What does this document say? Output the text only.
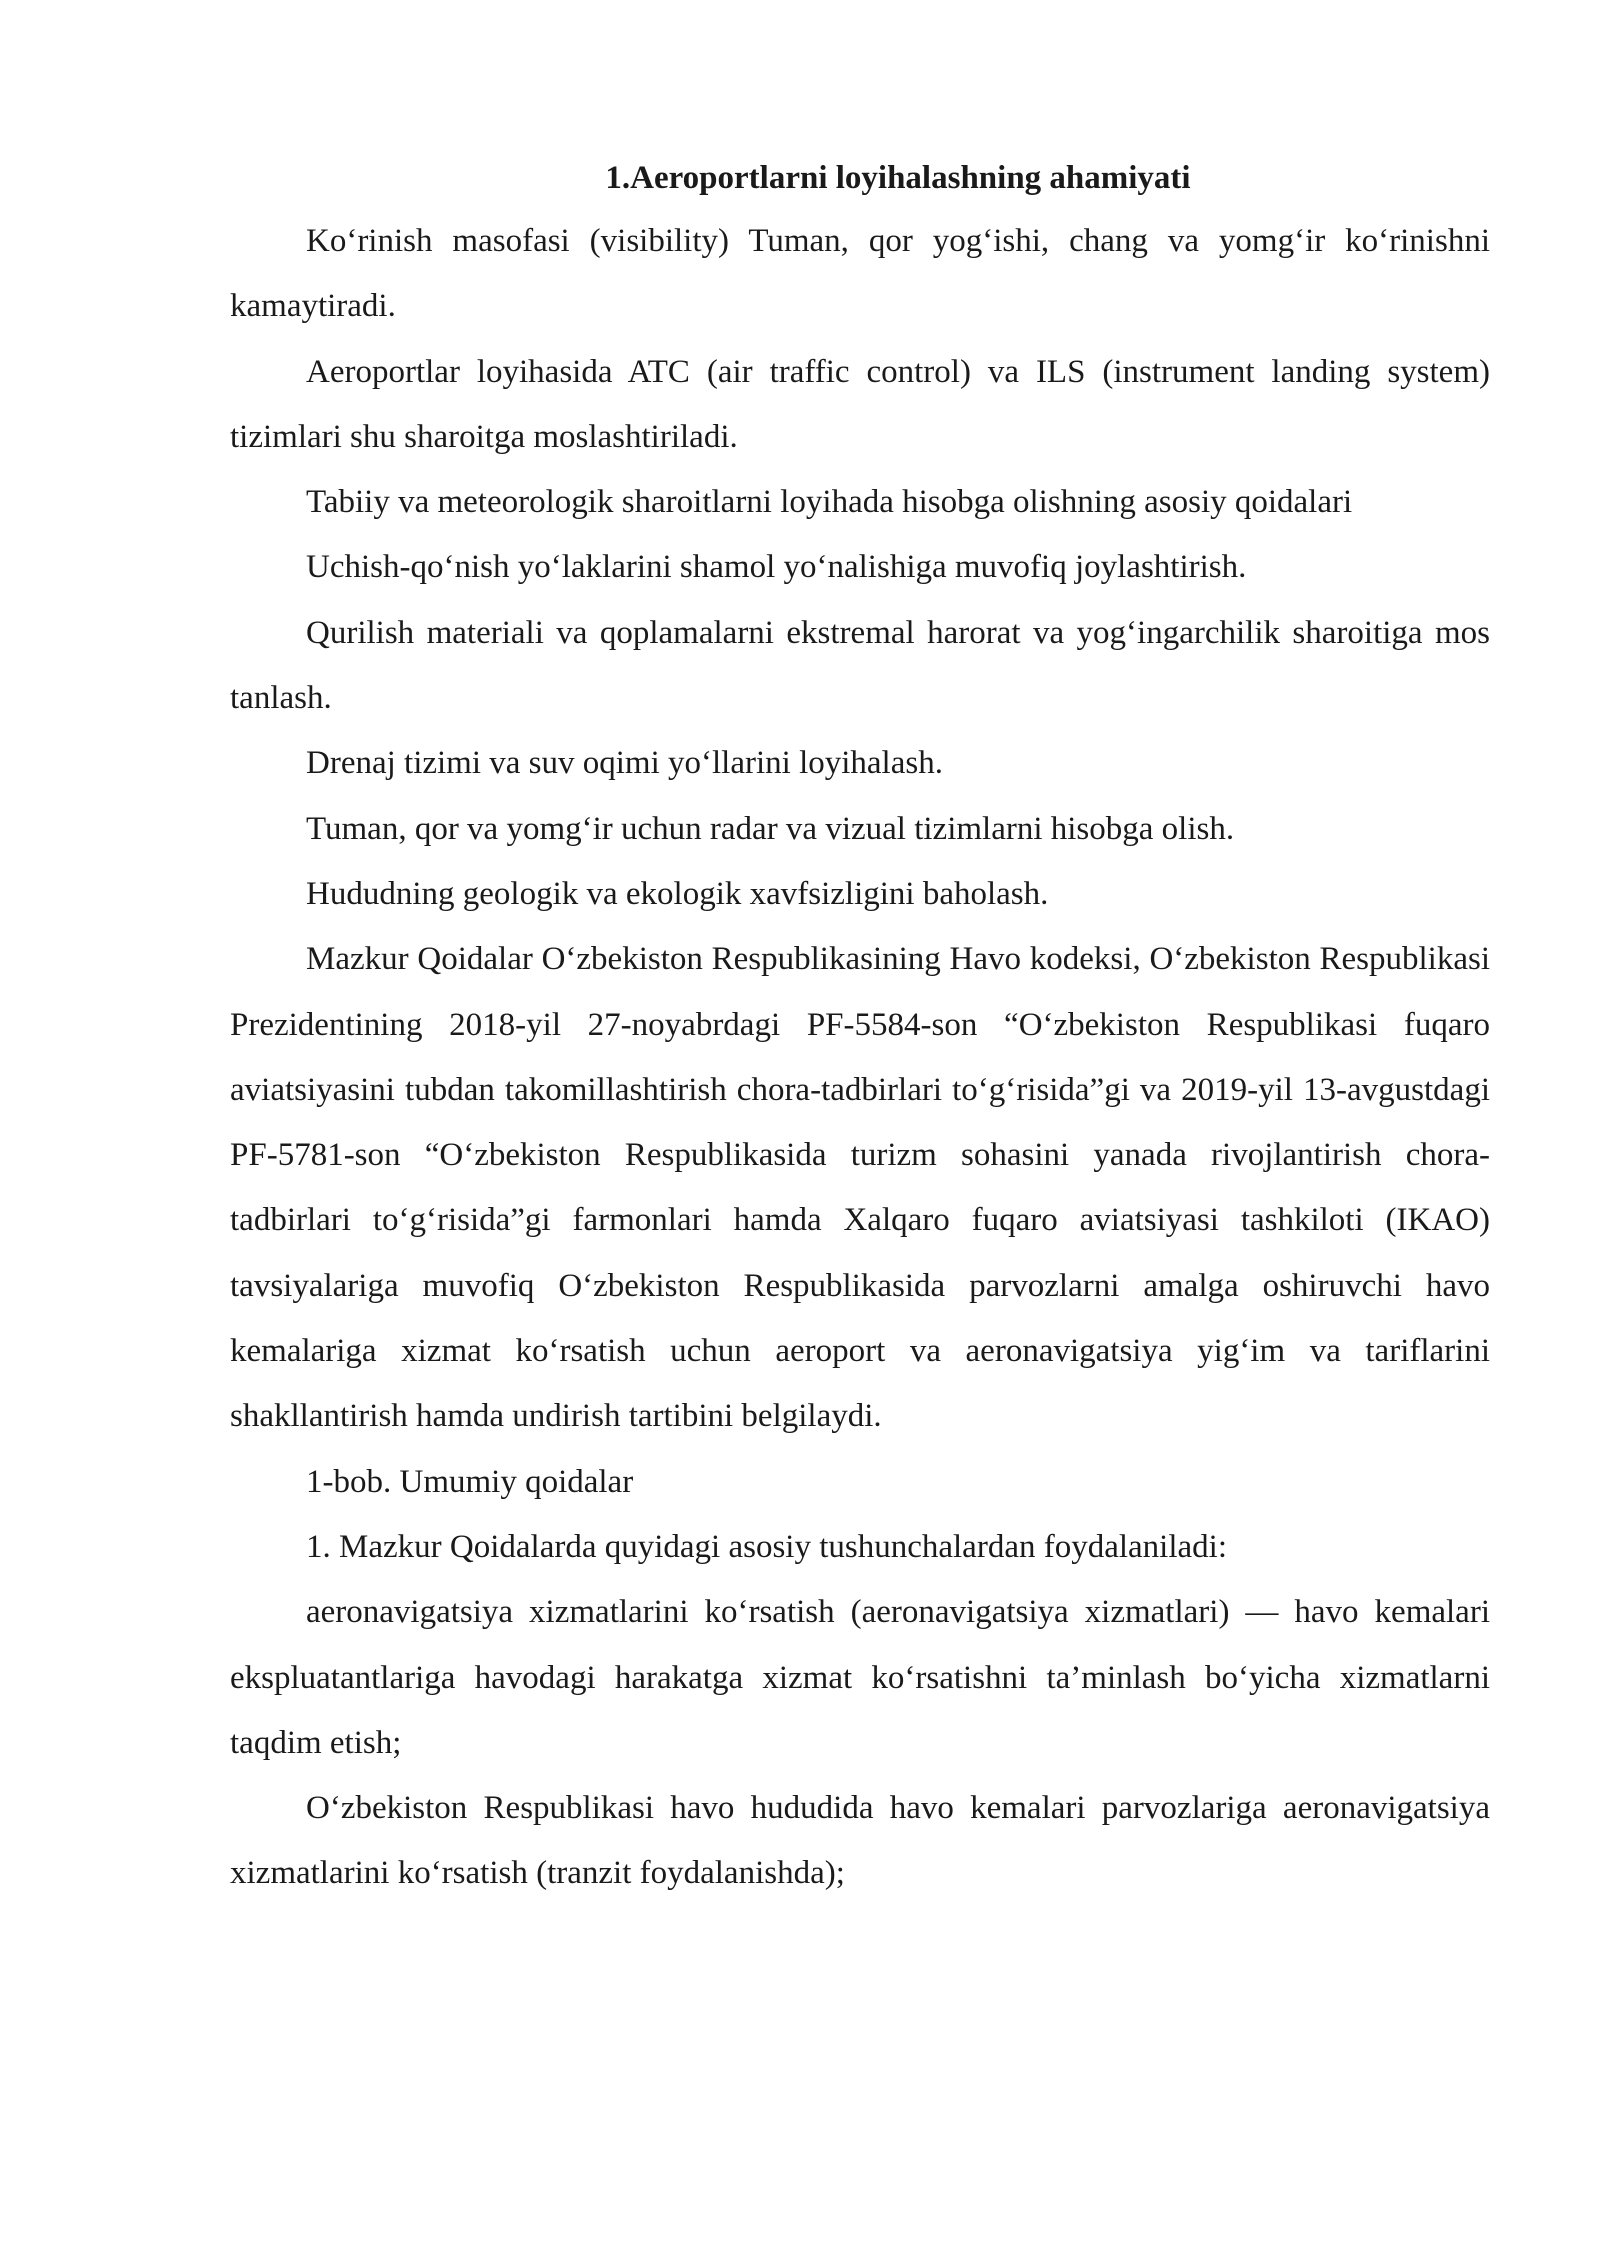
1.Aeroportlarni loyihalashning ahamiyati

Ko‘rinish masofasi (visibility) Tuman, qor yog‘ishi, chang va yomg‘ir ko‘rinishni kamaytiradi.

Aeroportlar loyihasida ATC (air traffic control) va ILS (instrument landing system) tizimlari shu sharoitga moslashtiriladi.

Tabiiy va meteorologik sharoitlarni loyihada hisobga olishning asosiy qoidalari

Uchish-qo‘nish yo‘laklarini shamol yo‘nalishiga muvofiq joylashtirish.

Qurilish materiali va qoplamalarni ekstremal harorat va yog‘ingarchilik sharoitiga mos tanlash.

Drenaj tizimi va suv oqimi yo‘llarini loyihalash.

Tuman, qor va yomg‘ir uchun radar va vizual tizimlarni hisobga olish.

Hududning geologik va ekologik xavfsizligini baholash.

Mazkur Qoidalar O‘zbekiston Respublikasining Havo kodeksi, O‘zbekiston Respublikasi Prezidentining 2018-yil 27-noyabrdagi PF-5584-son “O‘zbekiston Respublikasi fuqaro aviatsiyasini tubdan takomillashtirish chora-tadbirlari to‘g‘risida”gi va 2019-yil 13-avgustdagi PF-5781-son “O‘zbekiston Respublikasida turizm sohasini yanada rivojlantirish chora-tadbirlari to‘g‘risida”gi farmonlari hamda Xalqaro fuqaro aviatsiyasi tashkiloti (IKAO) tavsiyalariga muvofiq O‘zbekiston Respublikasida parvozlarni amalga oshiruvchi havo kemalariga xizmat ko‘rsatish uchun aeroport va aeronavigatsiya yig‘im va tariflarini shakllantirish hamda undirish tartibini belgilaydi.

1-bob. Umumiy qoidalar

1. Mazkur Qoidalarda quyidagi asosiy tushunchalardan foydalaniladi:

aeronavigatsiya xizmatlarini ko‘rsatish (aeronavigatsiya xizmatlari) — havo kemalari ekspluatantlariga havodagi harakatga xizmat ko‘rsatishni ta’minlash bo‘yicha xizmatlarni taqdim etish;

O‘zbekiston Respublikasi havo hududida havo kemalari parvozlariga aeronavigatsiya xizmatlarini ko‘rsatish (tranzit foydalanishda);
